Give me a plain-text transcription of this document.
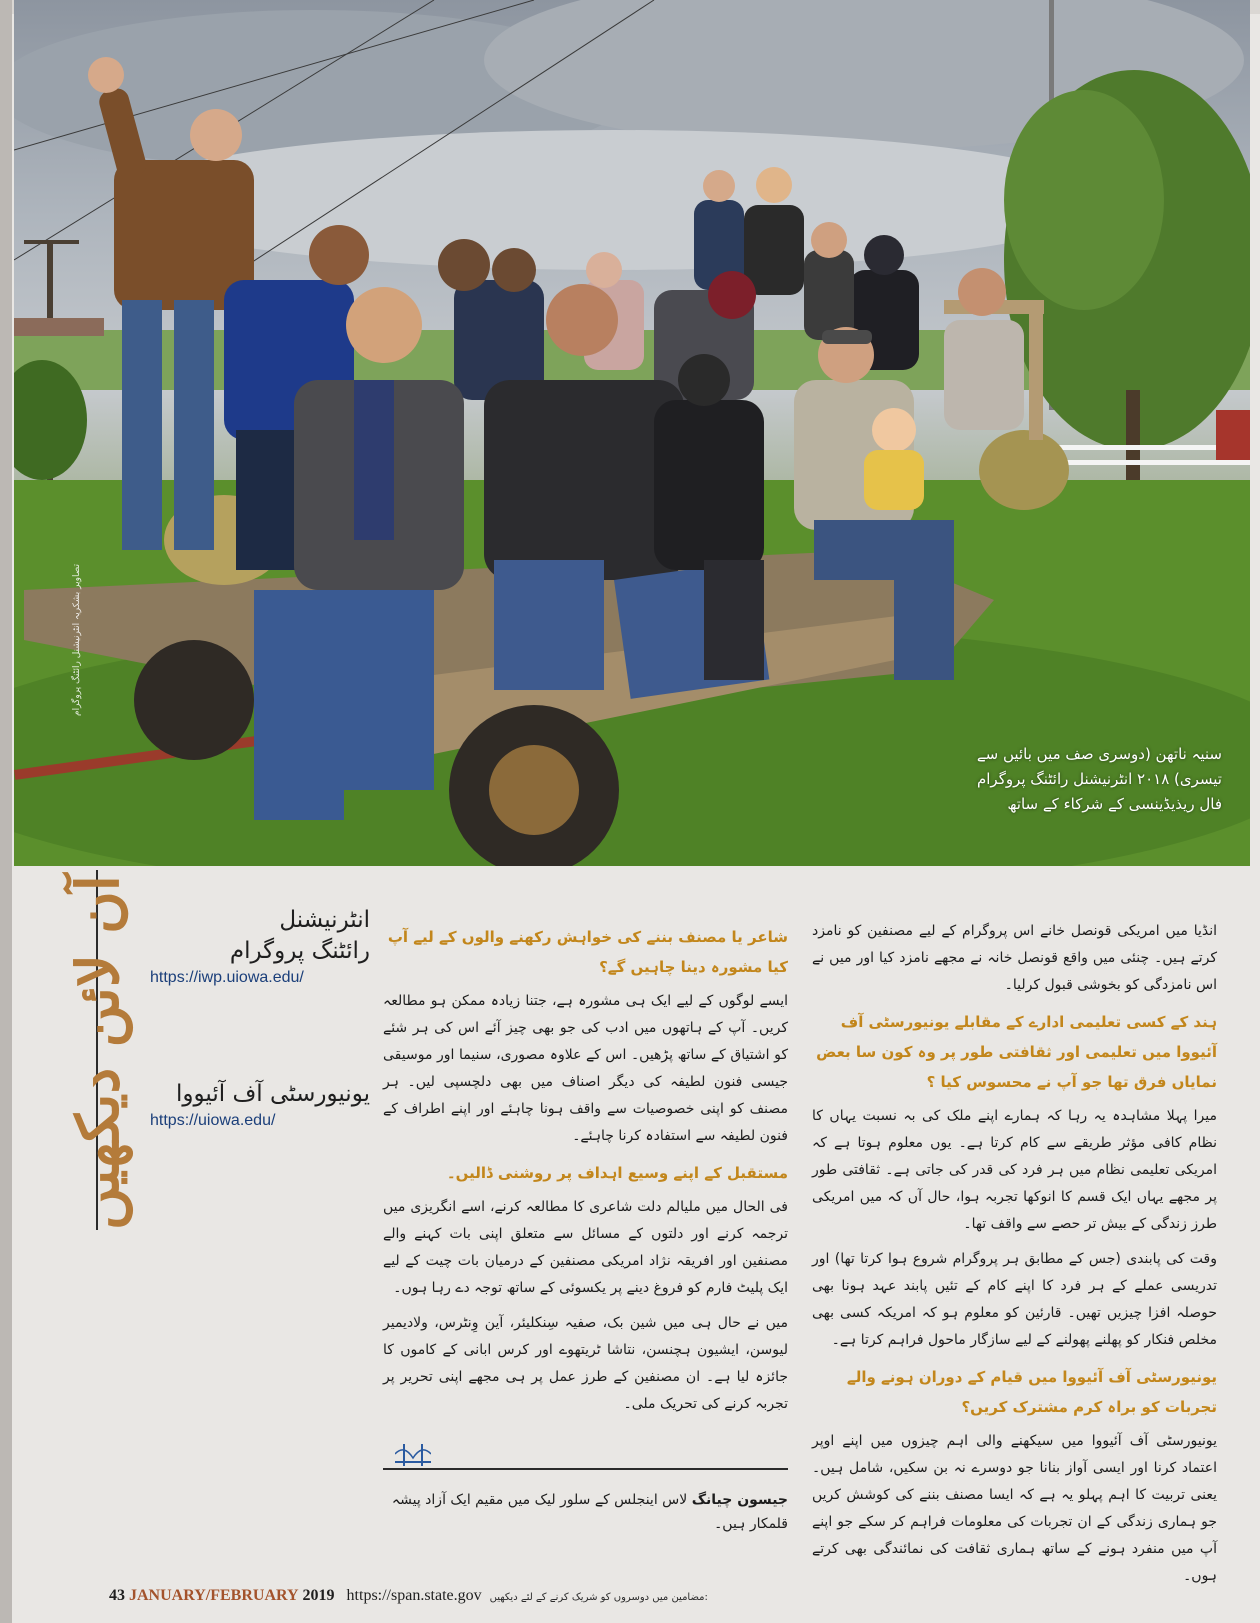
سنیہ ناتھن (دوسری صف میں بائیں سے تیسری) ۲۰۱۸ انٹرنیشنل رائٹنگ پروگرام فال ریذیڈینسی کے شرکاء کے ساتھ
تصاویر بشکریہ انٹرنیشنل رائٹنگ پروگرام
آن لائن دیکھیں	انٹرنیشنل
رائٹنگ پروگرام
https://iwp.uiowa.edu/
یونیورسٹی آف آئیووا
https://uiowa.edu/
شاعر یا مصنف بننے کی خواہش رکھنے والوں کے لیے آپ کیا مشورہ دینا چاہیں گے؟

ایسے لوگوں کے لیے ایک ہی مشورہ ہے، جتنا زیادہ ممکن ہو مطالعہ کریں۔ آپ کے ہاتھوں میں ادب کی جو بھی چیز آئے اس کی ہر شئے کو اشتیاق کے ساتھ پڑھیں۔ اس کے علاوہ مصوری، سنیما اور موسیقی جیسی فنون لطیفہ کی دیگر اصناف میں بھی دلچسپی لیں۔ ہر مصنف کو اپنی خصوصیات سے واقف ہونا چاہئے اور اپنے اطراف کے فنون لطیفہ سے استفادہ کرنا چاہئے۔

مستقبل کے اپنے وسیع اہداف پر روشنی ڈالیں۔

فی الحال میں ملیالم دلت شاعری کا مطالعہ کرنے، اسے انگریزی میں ترجمہ کرنے اور دلتوں کے مسائل سے متعلق اپنی بات کہنے والے مصنفین اور افریقہ نژاد امریکی مصنفین کے درمیان بات چیت کے لیے ایک پلیٹ فارم کو فروغ دینے پر یکسوئی کے ساتھ توجہ دے رہا ہوں۔

میں نے حال ہی میں شین بک، صفیہ سِنکلیئر، آین وِنٹرس، ولادیمیر لیوسن، ایشیون ہچنسن، نتاشا ٹریتھوے اور کرس ابانی کے کاموں کا جائزہ لیا ہے۔ ان مصنفین کے طرز عمل پر ہی مجھے اپنی تحریر پر تجربہ کرنے کی تحریک ملی۔

جیسون چیانگ لاس اینجلس کے سلور لیک میں مقیم ایک آزاد پیشہ قلمکار ہیں۔

انڈیا میں امریکی قونصل خانے اس پروگرام کے لیے مصنفین کو نامزد کرتے ہیں۔ چنئی میں واقع قونصل خانہ نے مجھے نامزد کیا اور میں نے اس نامزدگی کو بخوشی قبول کرلیا۔

ہند کے کسی تعلیمی ادارے کے مقابلے یونیورسٹی آف آئیووا میں تعلیمی اور ثقافتی طور پر وہ کون سا بعض نمایاں فرق تھا جو آپ نے محسوس کیا ؟

میرا پہلا مشاہدہ یہ رہا کہ ہمارے اپنے ملک کی بہ نسبت یہاں کا نظام کافی مؤثر طریقے سے کام کرتا ہے۔ یوں معلوم ہوتا ہے کہ امریکی تعلیمی نظام میں ہر فرد کی قدر کی جاتی ہے۔ ثقافتی طور پر مجھے یہاں ایک قسم کا انوکھا تجربہ ہوا، حال آں کہ میں امریکی طرز زندگی کے بیش تر حصے سے واقف تھا۔

وقت کی پابندی (جس کے مطابق ہر پروگرام شروع ہوا کرتا تھا) اور تدریسی عملے کے ہر فرد کا اپنے کام کے تئیں پابند عہد ہونا بھی حوصلہ افزا چیزیں تھیں۔ قارئین کو معلوم ہو کہ امریکہ کسی بھی مخلص فنکار کو پھلنے پھولنے کے لیے سازگار ماحول فراہم کرتا ہے۔

یونیورسٹی آف آئیووا میں قیام کے دوران ہونے والے تجربات کو براہ کرم مشترک کریں؟

یونیورسٹی آف آئیووا میں سیکھنے والی اہم چیزوں میں اپنے اوپر اعتماد کرنا اور ایسی آواز بنانا جو دوسرے نہ بن سکیں، شامل ہیں۔ یعنی تربیت کا اہم پہلو یہ ہے کہ ایسا مصنف بننے کی کوشش کریں جو ہماری زندگی کے ان تجربات کی معلومات فراہم کر سکے جو اپنے آپ میں منفرد ہونے کے ساتھ ہماری ثقافت کی نمائندگی بھی کرتے ہوں۔

43 JANUARY/FEBRUARY 2019 https://span.state.gov مضامین میں دوسروں کو شریک کرنے کے لئے دیکھیں:
